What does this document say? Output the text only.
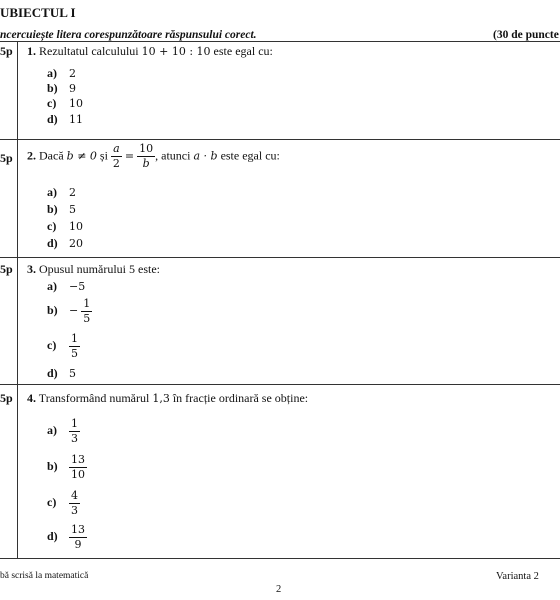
UBIECTUL I
ncercuiește litera corespunzătoare răspunsului corect.	(30 de puncte
5p 1. Rezultatul calculului 10 + 10 : 10 este egal cu:
a) 2
b) 9
c) 10
d) 11
5p 2. Dacă b ≠ 0 și $\frac{a}{2} = \frac{10}{b}$ , atunci a · b este egal cu:
a) 2
b) 5
c) 10
d) 20
5p 3. Opusul numărului 5 este:
a) −5
$b) - \frac{1}{5}$
$c) \frac{1}{5}$
d) 5
5p 4. Transformând numărul 1,3 în fracție ordinară se obține:
$a) \frac{1}{3}$
$b) \frac{13}{10}$
$c) \frac{4}{3}$
$d) \frac{13}{9}$
bă scrisă la matematică	Varianta 2
2
